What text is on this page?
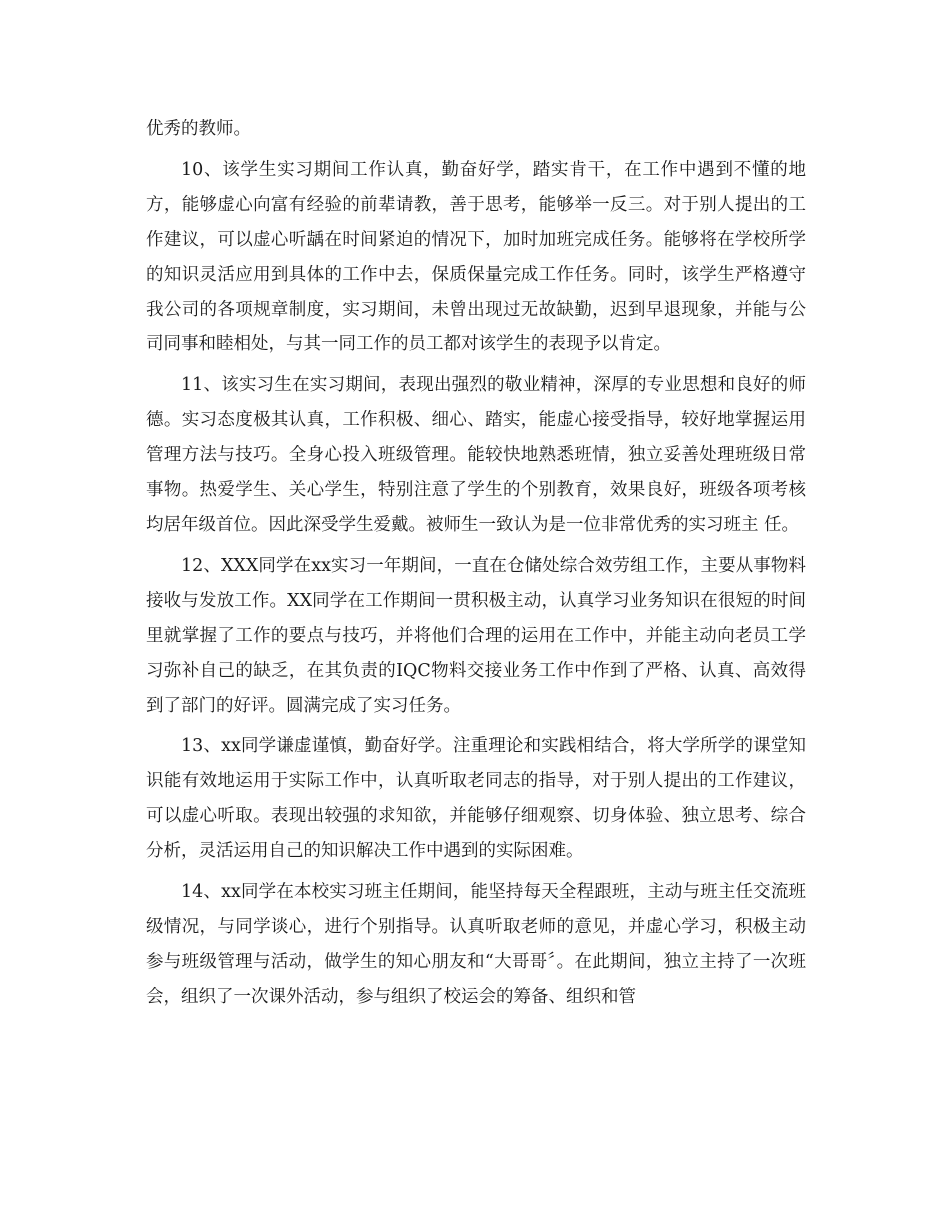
优秀的教师。

10、该学生实习期间工作认真，勤奋好学，踏实肯干，在工作中遇到不懂的地方，能够虚心向富有经验的前辈请教，善于思考，能够举一反三。对于别人提出的工作建议，可以虚心听龋在时间紧迫的情况下，加时加班完成任务。能够将在学校所学的知识灵活应用到具体的工作中去，保质保量完成工作任务。同时，该学生严格遵守我公司的各项规章制度，实习期间，未曾出现过无故缺勤，迟到早退现象，并能与公司同事和睦相处，与其一同工作的员工都对该学生的表现予以肯定。

11、该实习生在实习期间，表现出强烈的敬业精神，深厚的专业思想和良好的师德。实习态度极其认真，工作积极、细心、踏实，能虚心接受指导，较好地掌握运用管理方法与技巧。全身心投入班级管理。能较快地熟悉班情，独立妥善处理班级日常事物。热爱学生、关心学生，特别注意了学生的个别教育，效果良好，班级各项考核均居年级首位。因此深受学生爱戴。被师生一致认为是一位非常优秀的实习班主 任。

12、XXX同学在xx实习一年期间，一直在仓储处综合效劳组工作，主要从事物料接收与发放工作。XX同学在工作期间一贯积极主动，认真学习业务知识在很短的时间里就掌握了工作的要点与技巧，并将他们合理的运用在工作中，并能主动向老员工学习弥补自己的缺乏，在其负责的IQC物料交接业务工作中作到了严格、认真、高效得到了部门的好评。圆满完成了实习任务。

13、xx同学谦虚谨慎，勤奋好学。注重理论和实践相结合，将大学所学的课堂知识能有效地运用于实际工作中，认真听取老同志的指导，对于别人提出的工作建议，可以虚心听取。表现出较强的求知欲，并能够仔细观察、切身体验、独立思考、综合分析，灵活运用自己的知识解决工作中遇到的实际困难。

14、xx同学在本校实习班主任期间，能坚持每天全程跟班，主动与班主任交流班级情况，与同学谈心，进行个别指导。认真听取老师的意见，并虚心学习，积极主动参与班级管理与活动，做学生的知心朋友和“大哥哥〞。在此期间，独立主持了一次班会，组织了一次课外活动，参与组织了校运会的筹备、组织和管
